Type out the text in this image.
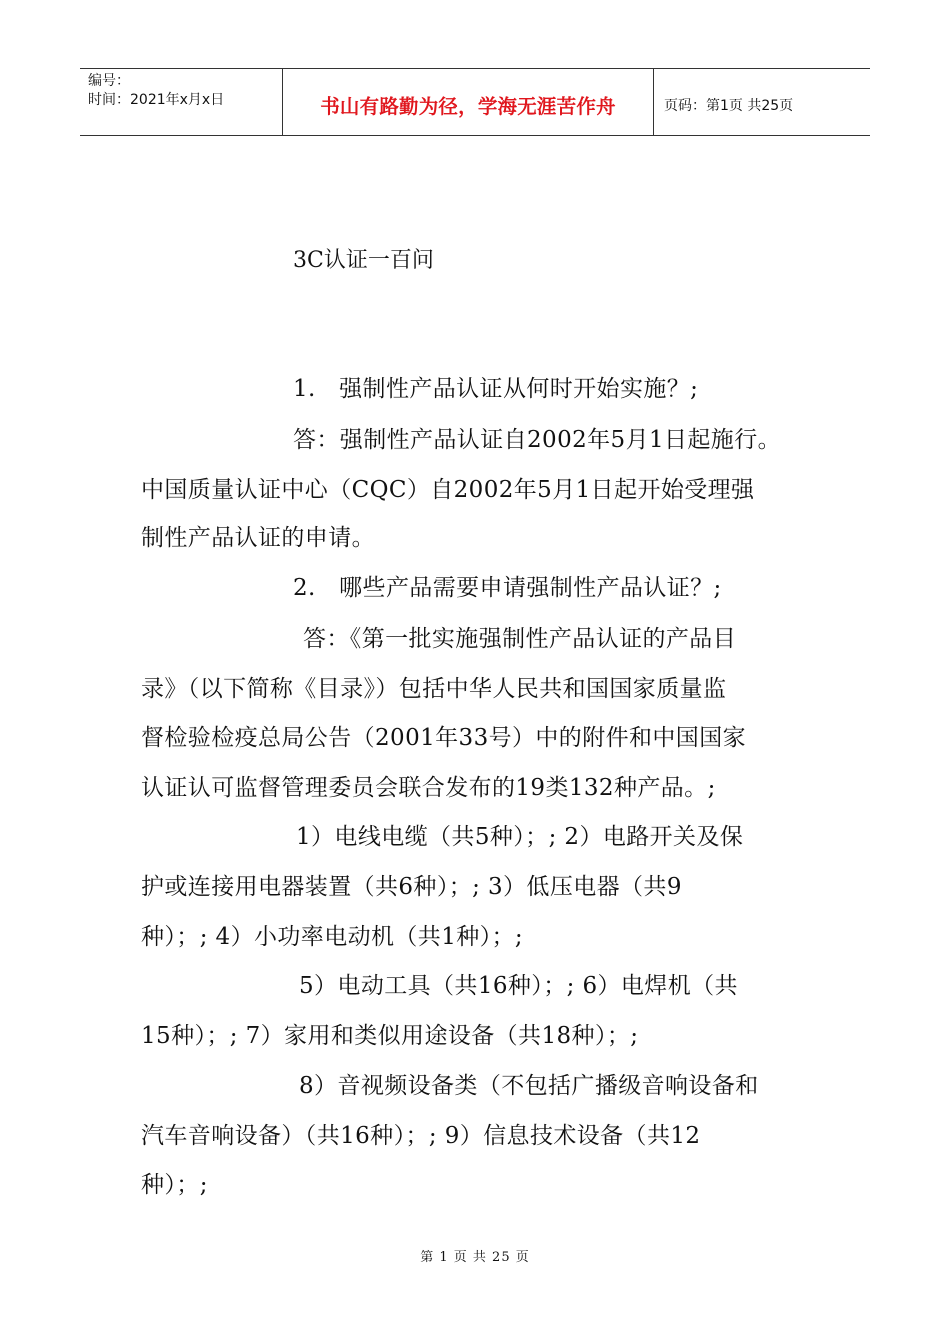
编号：
时间：2021年x月x日	书山有路勤为径，学海无涯苦作舟	页码：第1页 共25页
3C认证一百问
1.　强制性产品认证从何时开始实施？;
答：强制性产品认证自2002年5月1日起施行。
中国质量认证中心（CQC）自2002年5月1日起开始受理强
制性产品认证的申请。
2.　哪些产品需要申请强制性产品认证？;
答：《第一批实施强制性产品认证的产品目
录》（以下简称《目录》）包括中华人民共和国国家质量监
督检验检疫总局公告（2001年33号）中的附件和中国国家
认证认可监督管理委员会联合发布的19类132种产品。;
1）电线电缆（共5种）；; 2）电路开关及保
护或连接用电器装置（共6种）；; 3）低压电器（共9
种）；; 4）小功率电动机（共1种）；;
5）电动工具（共16种）；; 6）电焊机（共
15种）；; 7）家用和类似用途设备（共18种）；;
8）音视频设备类（不包括广播级音响设备和
汽车音响设备）（共16种）；; 9）信息技术设备（共12
种）；;
第 1 页 共 25 页
